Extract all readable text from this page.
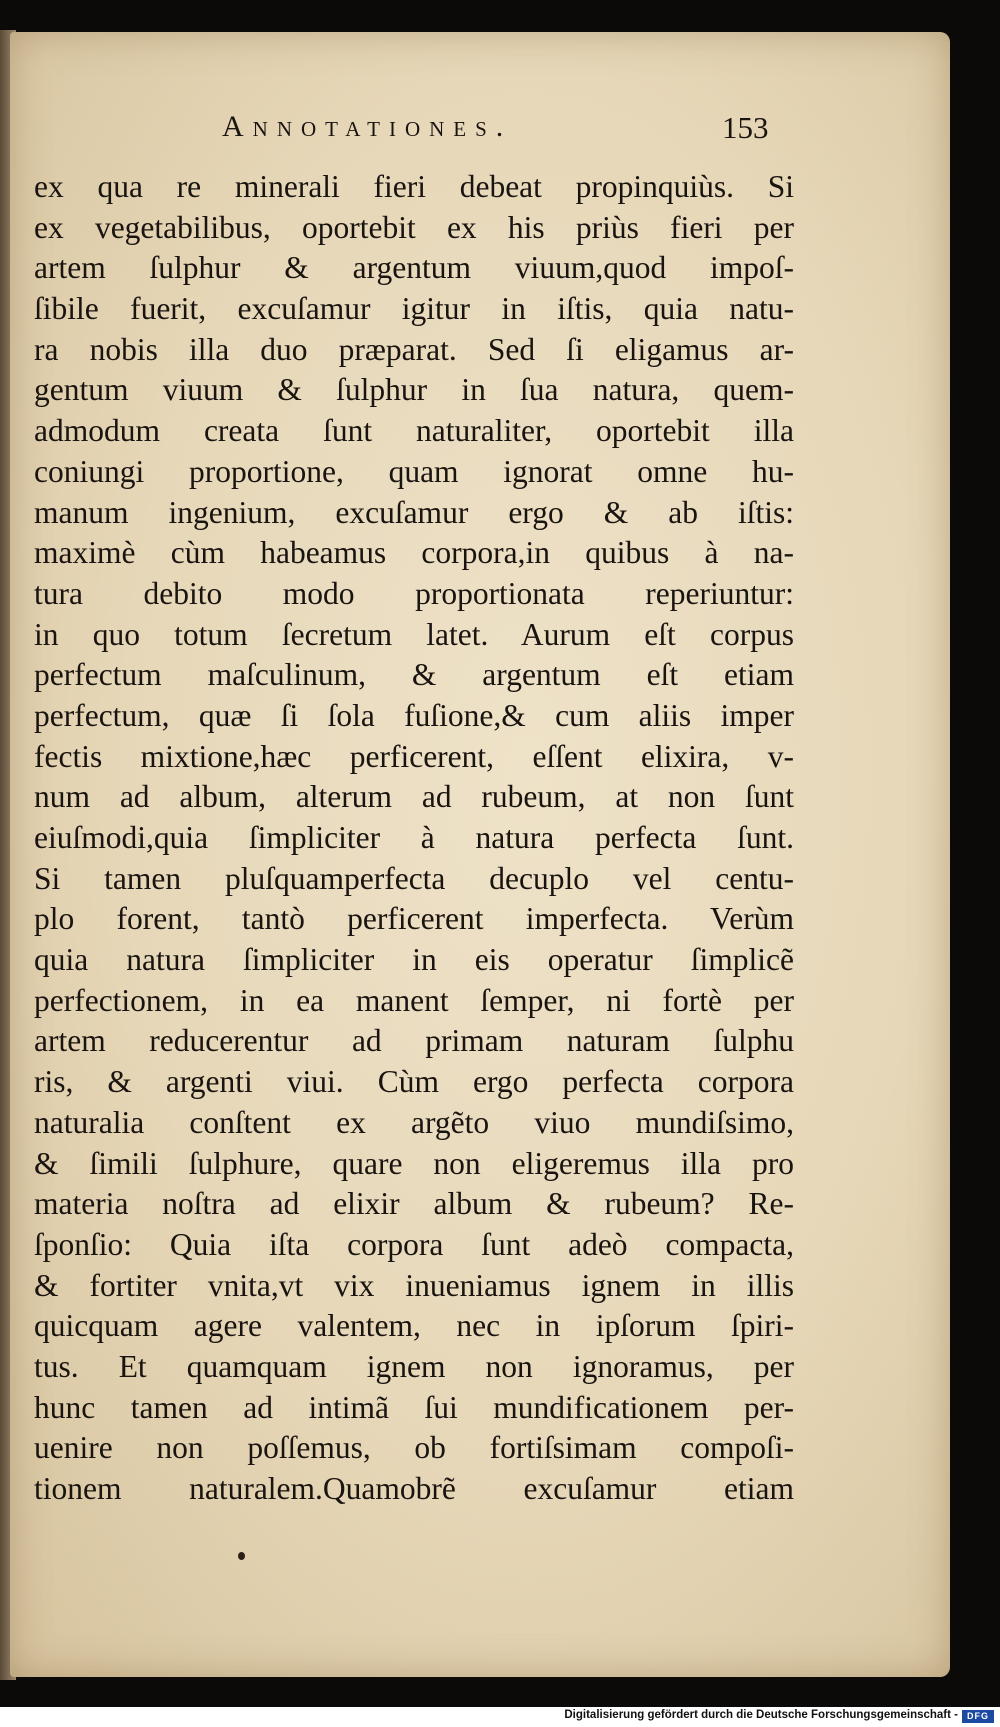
Annotationes.	153
ex qua re minerali fieri debeat propinquiùs. Si
ex vegetabilibus, oportebit ex his priùs fieri per
artem ſulphur & argentum viuum,quod impoſ-
ſibile fuerit, excuſamur igitur in iſtis, quia natu-
ra nobis illa duo præparat. Sed ſi eligamus ar-
gentum viuum & ſulphur in ſua natura, quem-
admodum creata ſunt naturaliter, oportebit illa
coniungi proportione, quam ignorat omne hu-
manum ingenium, excuſamur ergo & ab iſtis:
maximè cùm habeamus corpora,in quibus à na-
tura debito modo proportionata reperiuntur:
in quo totum ſecretum latet. Aurum eſt corpus
perfectum maſculinum, & argentum eſt etiam
perfectum, quæ ſi ſola fuſione,& cum aliis imper
fectis mixtione,hæc perficerent, eſſent elixira, v-
num ad album, alterum ad rubeum, at non ſunt
eiuſmodi,quia ſimpliciter à natura perfecta ſunt.
Si tamen pluſquamperfecta decuplo vel centu-
plo forent, tantò perficerent imperfecta. Verùm
quia natura ſimpliciter in eis operatur ſimplicẽ
perfectionem, in ea manent ſemper, ni fortè per
artem reducerentur ad primam naturam ſulphu
ris, & argenti viui. Cùm ergo perfecta corpora
naturalia conſtent ex argẽto viuo mundiſsimo,
& ſimili ſulphure, quare non eligeremus illa pro
materia noſtra ad elixir album & rubeum? Re-
ſponſio: Quia iſta corpora ſunt adeò compacta,
& fortiter vnita,vt vix inueniamus ignem in illis
quicquam agere valentem, nec in ipſorum ſpiri-
tus. Et quamquam ignem non ignoramus, per
hunc tamen ad intimã ſui mundificationem per-
uenire non poſſemus, ob fortiſsimam compoſi-
tionem naturalem.Quamobrẽ excuſamur etiam
Digitalisierung gefördert durch die Deutsche Forschungsgemeinschaft -	DFG
